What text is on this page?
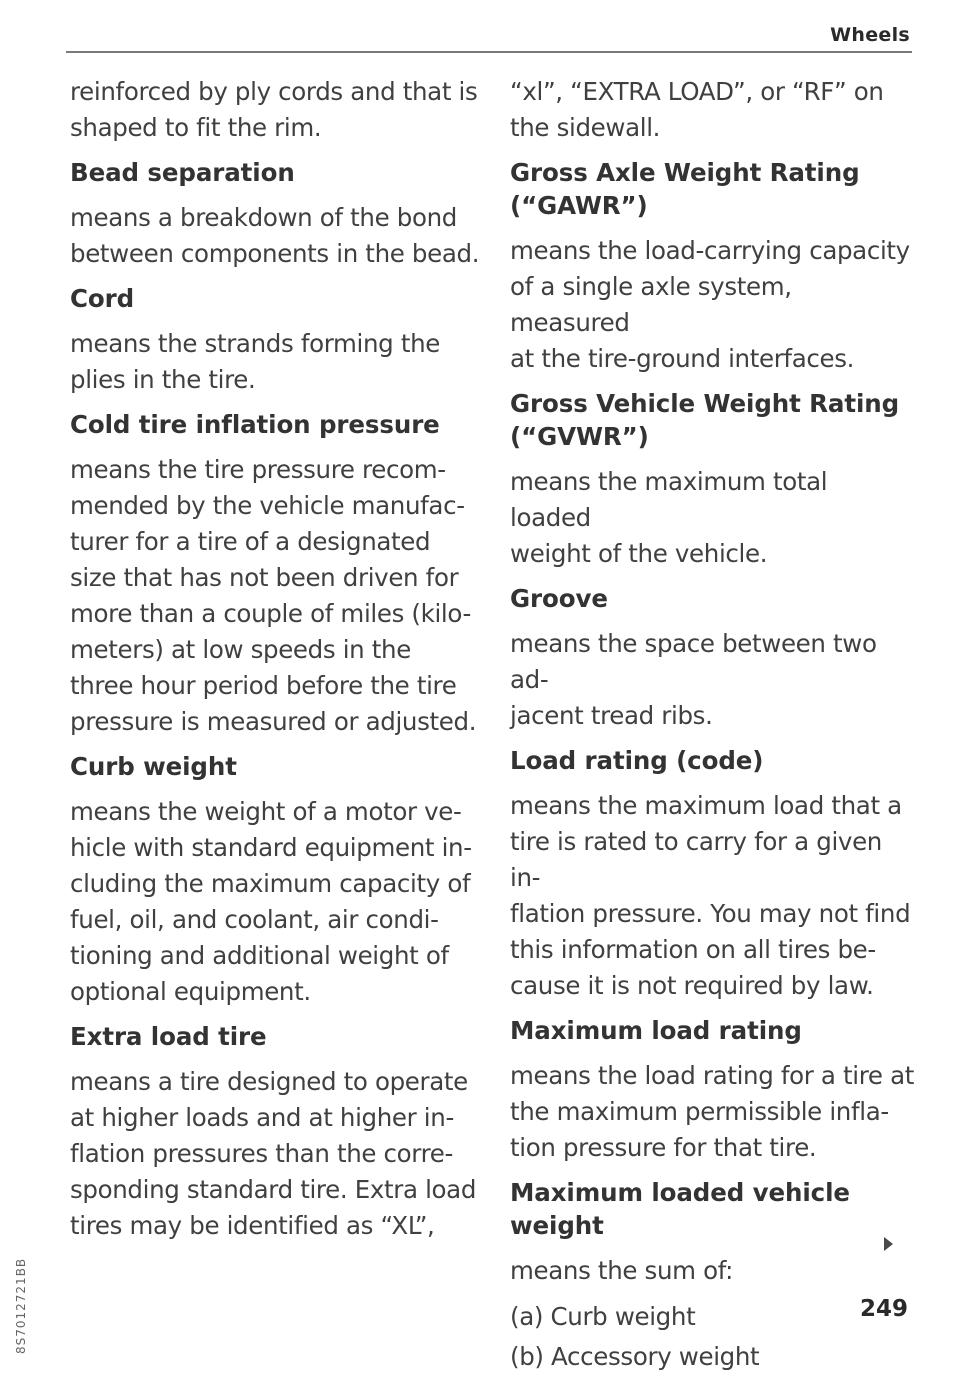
Wheels

reinforced by ply cords and that is
shaped to fit the rim.

Bead separation

means a breakdown of the bond
between components in the bead.

Cord

means the strands forming the
plies in the tire.

Cold tire inflation pressure

means the tire pressure recom-
mended by the vehicle manufac-
turer for a tire of a designated
size that has not been driven for
more than a couple of miles (kilo-
meters) at low speeds in the
three hour period before the tire
pressure is measured or adjusted.

Curb weight

means the weight of a motor ve-
hicle with standard equipment in-
cluding the maximum capacity of
fuel, oil, and coolant, air condi-
tioning and additional weight of
optional equipment.

Extra load tire

means a tire designed to operate
at higher loads and at higher in-
flation pressures than the corre-
sponding standard tire. Extra load
tires may be identified as “XL”,

“xl”, “EXTRA LOAD”, or “RF” on
the sidewall.

Gross Axle Weight Rating
(“GAWR”)

means the load-carrying capacity
of a single axle system, measured
at the tire-ground interfaces.

Gross Vehicle Weight Rating
(“GVWR”)

means the maximum total loaded
weight of the vehicle.

Groove

means the space between two ad-
jacent tread ribs.

Load rating (code)

means the maximum load that a
tire is rated to carry for a given in-
flation pressure. You may not find
this information on all tires be-
cause it is not required by law.

Maximum load rating

means the load rating for a tire at
the maximum permissible infla-
tion pressure for that tire.

Maximum loaded vehicle
weight

means the sum of:

(a) Curb weight

(b) Accessory weight

249
8S7012721BB
